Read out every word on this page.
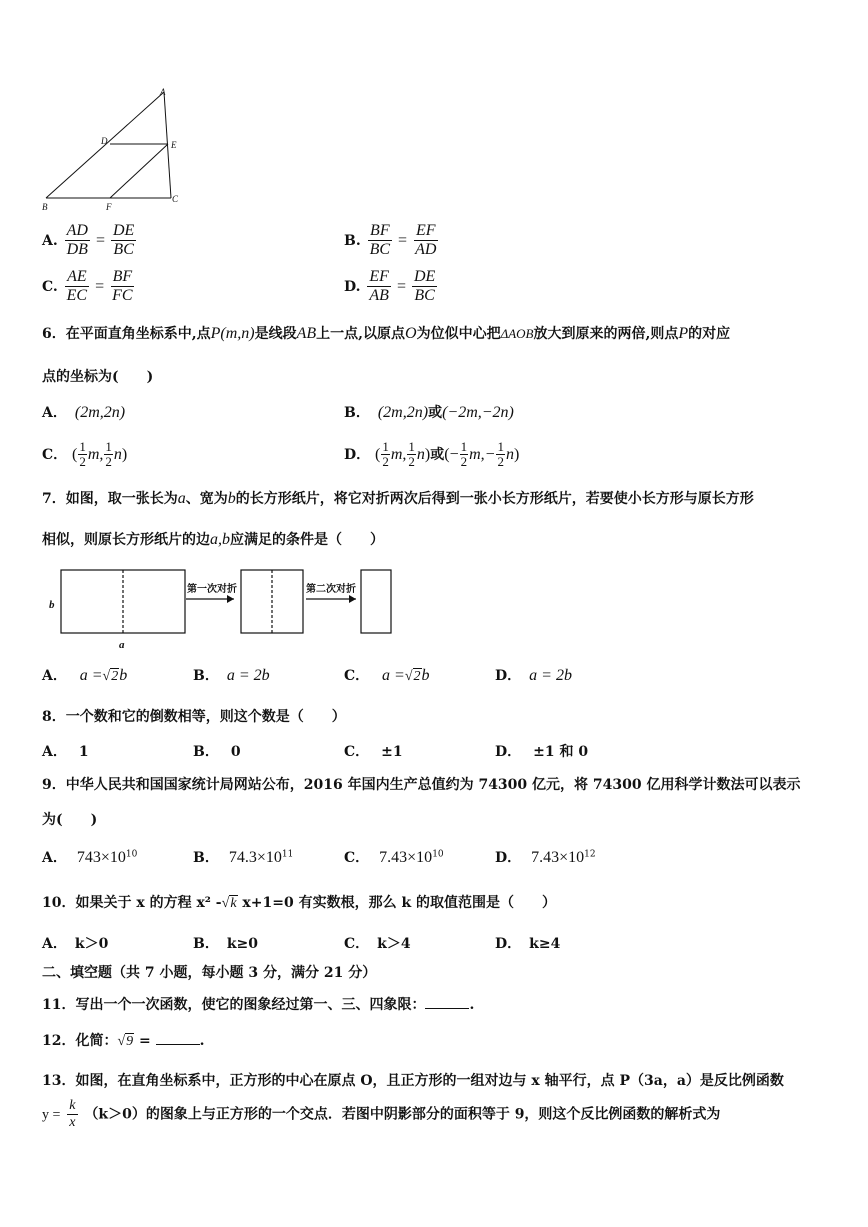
A
D	E
B	F
C
A. $\frac{AD}{DB} = \frac{DE}{BC}$	B. $\frac{BF}{BC} = \frac{EF}{AD}$
C. $\frac{AE}{EC} = \frac{BF}{FC}$	D. $\frac{EF}{AB} = \frac{DE}{BC}$
6．在平面直角坐标系中,点P(m,n)是线段AB上一点,以原点O为位似中心把ΔAOB放大到原来的两倍,则点P的对应
点的坐标为(　　)
A． (2m,2n)	B． (2m,2n)或(−2m,−2n)
C． ( $\frac{1}{2} m$, $\frac{1}{2} n$)	D． ( $\frac{1}{2} m$, $\frac{1}{2} n$)或(− $\frac{1}{2} m,- \frac{1}{2} n$)
7．如图，取一张长为a、宽为b的长方形纸片，将它对折两次后得到一张小长方形纸片，若要使小长方形与原长方形
相似，则原长方形纸片的边a,b应满足的条件是（　　）
第一次对折	第二次对折
b
a
A． a =√2b	B． a = 2b	C． a =√2b	D． a = 2b
8．一个数和它的倒数相等，则这个数是（　　）
A． 1	B． 0	C． ±1	D． ±1 和 0
9．中华人民共和国国家统计局网站公布，2016 年国内生产总值约为 74300 亿元，将 74300 亿用科学计数法可以表示
为(　　)
A． $743\times 10^{10}$	B． $74.3\times 10^{11}$	C． $7.43\times 10^{10}$	D． $7.43\times 10^{12}$
10．如果关于 x 的方程 x² -√k x+1=0 有实数根，那么 k 的取值范围是（　　）
A． k＞0	B． k≥0	C． k＞4	D． k≥4
二、填空题（共 7 小题，每小题 3 分，满分 21 分）
11．写出一个一次函数，使它的图象经过第一、三、四象限：	.
12．化简：√9 =	.
13．如图，在直角坐标系中，正方形的中心在原点 O，且正方形的一组对边与 x 轴平行，点 P（3a，a）是反比例函数
$y = \frac{k}{x} (k>0)$的图象上与正方形的一个交点．若图中阴影部分的面积等于 9，则这个反比例函数的解析式为
